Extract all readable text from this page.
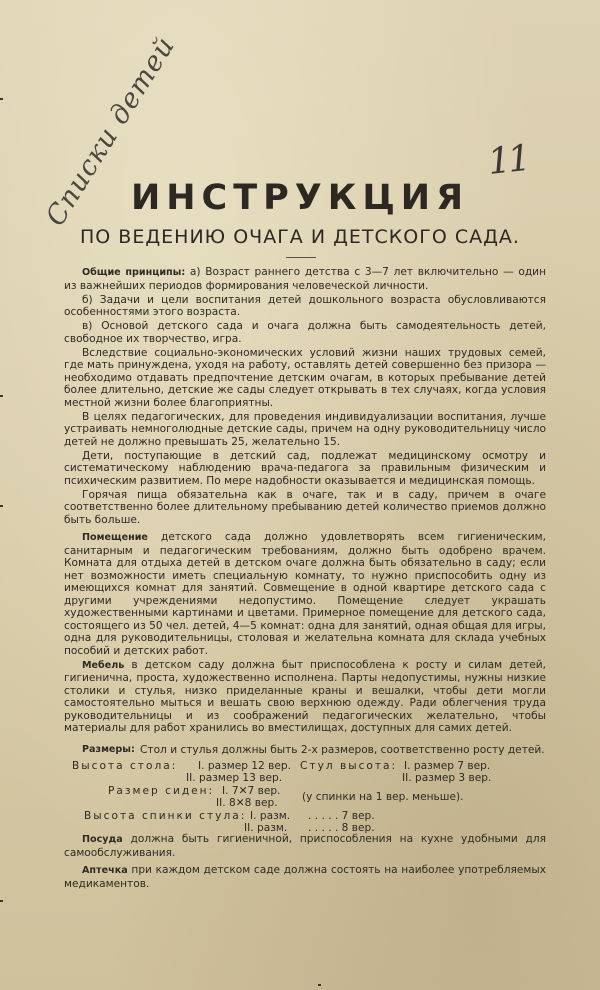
Списки детей	11
ИНСТРУКЦИЯ
ПО ВЕДЕНИЮ ОЧАГА И ДЕТСКОГО САДА.

Общие принципы: а) Возраст раннего детства с 3—7 лет включительно — один из важнейших периодов формирования человеческой личности.

б) Задачи и цели воспитания детей дошкольного возраста обусловливаются особенностями этого возраста.

в) Основой детского сада и очага должна быть самодеятельность детей, свободное их творчество, игра.

Вследствие социально-экономических условий жизни наших трудовых семей, где мать принуждена, уходя на работу, оставлять детей совершенно без призора — необходимо отдавать предпочтение детским очагам, в которых пребывание детей более длительно, детские же сады следует открывать в тех случаях, когда условия местной жизни более благоприятны.

В целях педагогических, для проведения индивидуализации воспитания, лучше устраивать немноголюдные детские сады, причем на одну руководительницу число детей не должно превышать 25, желательно 15.

Дети, поступающие в детский сад, подлежат медицинскому осмотру и систематическому наблюдению врача-педагога за правильным физическим и психическим развитием. По мере надобности оказывается и медицинская помощь.

Горячая пища обязательна как в очаге, так и в саду, причем в очаге соответственно более длительному пребыванию детей количество приемов должно быть больше.

Помещение детского сада должно удовлетворять всем гигиеническим, санитарным и педагогическим требованиям, должно быть одобрено врачем. Комната для отдыха детей в детском очаге должна быть обязательно в саду; если нет возможности иметь специальную комнату, то нужно приспособить одну из имеющихся комнат для занятий. Совмещение в одной квартире детского сада с другими учреждениями недопустимо. Помещение следует украшать художественными картинами и цветами. Примерное помещение для детского сада, состоящего из 50 чел. детей, 4—5 комнат: одна для занятий, одная общая для игры, одна для руководительницы, столовая и желательна комната для склада учебных пособий и детских работ.

Мебель в детском саду должна быт приспособлена к росту и силам детей, гигиенична, проста, художественно исполнена. Парты недопустимы, нужны низкие столики и стулья, низко приделанные краны и вешалки, чтобы дети могли самостоятельно мыться и вешать свою верхнюю одежду. Ради облегчения труда руководительницы и из соображений педагогических желательно, чтобы материалы для работ хранились во вместилищах, доступных для самих детей.

Размеры: Стол и стулья должны быть 2-х размеров, соответственно росту детей.
Высота стола: I. размер 12 вер. Стул высота: I. размер 7 вер.
II. размер 13 вер.	II. размер 3 вер.
Размер сиден: I. 7✕7 вер.
II. 8✕8 вер. (у спинки на 1 вер. меньше).
Высота спинки стула: I. разм. . . . . . 7 вер.
II. разм. . . . . . 8 вер.

Посуда должна быть гигиеничной, приспособления на кухне удобными для самообслуживания.

Аптечка при каждом детском саде должна состоять на наиболее употребляемых медикаментов.
